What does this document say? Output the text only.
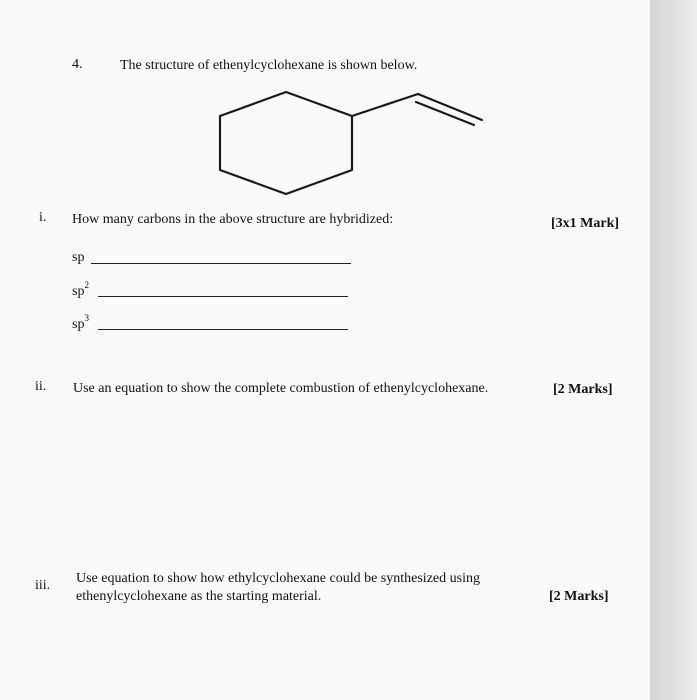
4.	The structure of ethenylcyclohexane is shown below.
i. How many carbons in the above structure are hybridized:	[3x1 Mark]
sp
$sp^2$
$sp^3$
ii. Use an equation to show the complete combustion of ethenylcyclohexane.	[2 Marks]
iii. Use equation to show how ethylcyclohexane could be synthesized using
ethenylcyclohexane as the starting material.	[2 Marks]
